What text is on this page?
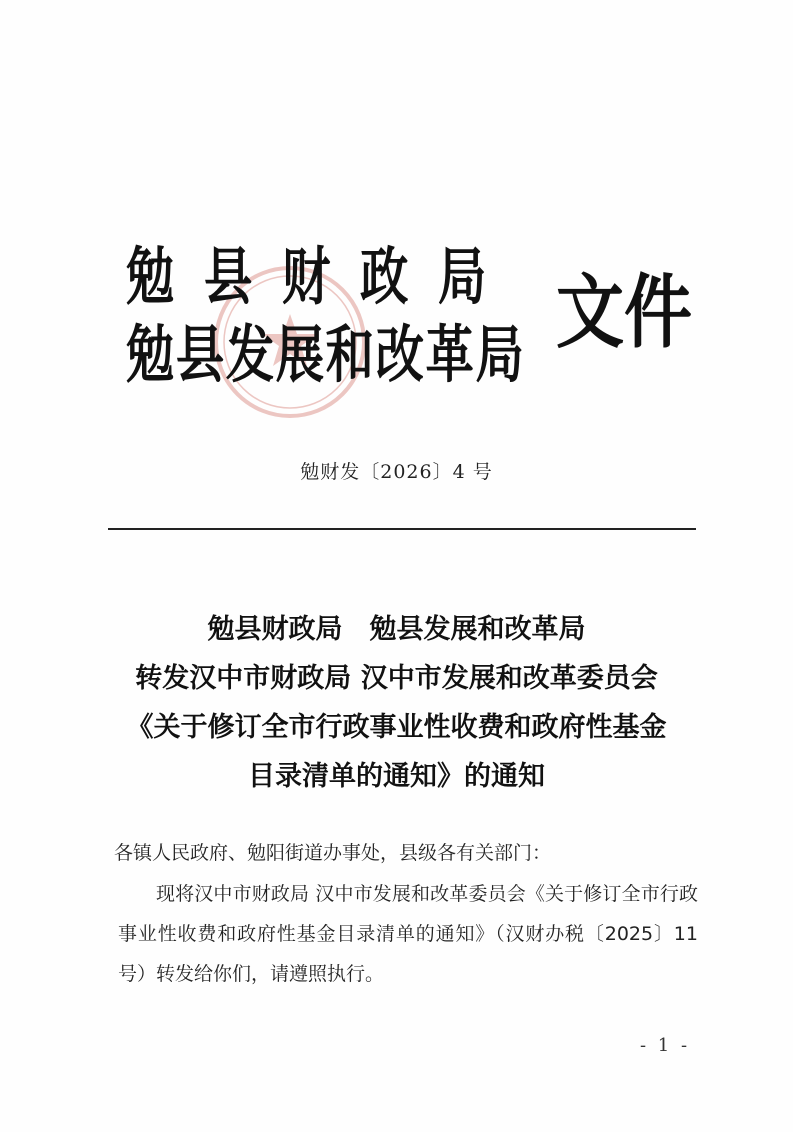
勉县财政局
勉县发展和改革局 文件
勉财发〔2026〕4 号
勉县财政局　勉县发展和改革局
转发汉中市财政局 汉中市发展和改革委员会
《关于修订全市行政事业性收费和政府性基金
目录清单的通知》的通知
各镇人民政府、勉阳街道办事处，县级各有关部门：

现将汉中市财政局 汉中市发展和改革委员会《关于修订全市行政事业性收费和政府性基金目录清单的通知》（汉财办税〔2025〕11 号）转发给你们，请遵照执行。

- 1 -
